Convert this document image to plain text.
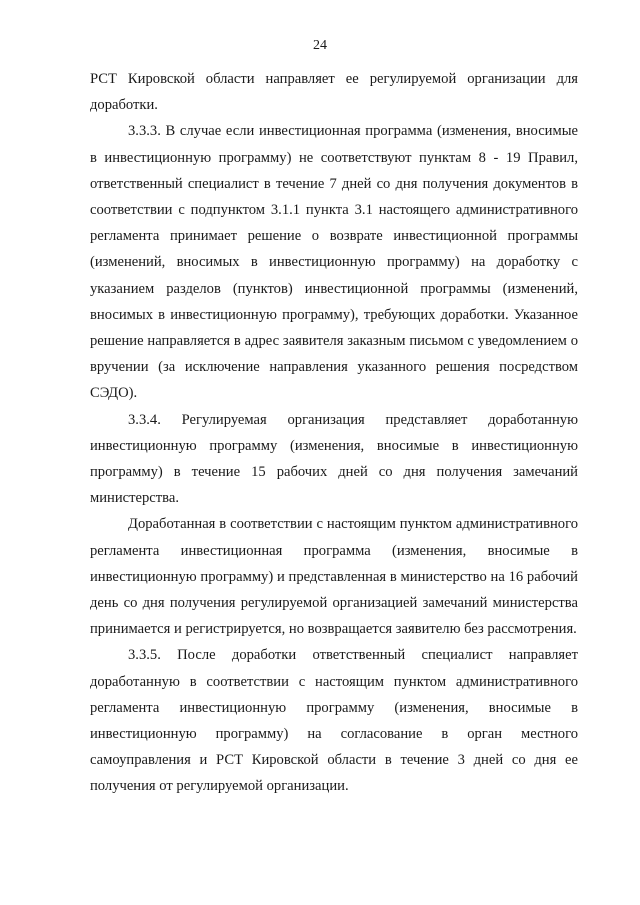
24

РСТ Кировской области направляет ее регулируемой организации для доработки.

3.3.3. В случае если инвестиционная программа (изменения, вносимые в инвестиционную программу) не соответствуют пунктам 8 - 19 Правил, ответственный специалист в течение 7 дней со дня получения документов в соответствии с подпунктом 3.1.1 пункта 3.1 настоящего административного регламента принимает решение о возврате инвестиционной программы (изменений, вносимых в инвестиционную программу) на доработку с указанием разделов (пунктов) инвестиционной программы (изменений, вносимых в инвестиционную программу), требующих доработки. Указанное решение направляется в адрес заявителя заказным письмом с уведомлением о вручении (за исключение направления указанного решения посредством СЭДО).

3.3.4. Регулируемая организация представляет доработанную инвестиционную программу (изменения, вносимые в инвестиционную программу) в течение 15 рабочих дней со дня получения замечаний министерства.

Доработанная в соответствии с настоящим пунктом административного регламента инвестиционная программа (изменения, вносимые в инвестиционную программу) и представленная в министерство на 16 рабочий день со дня получения регулируемой организацией замечаний министерства принимается и регистрируется, но возвращается заявителю без рассмотрения.

3.3.5. После доработки ответственный специалист направляет доработанную в соответствии с настоящим пунктом административного регламента инвестиционную программу (изменения, вносимые в инвестиционную программу) на согласование в орган местного самоуправления и РСТ Кировской области в течение 3 дней со дня ее получения от регулируемой организации.
